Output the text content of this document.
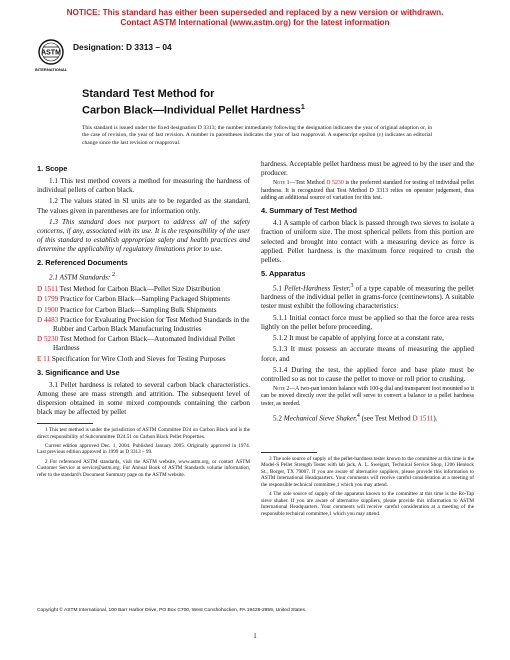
NOTICE: This standard has either been superseded and replaced by a new version or withdrawn.
Contact ASTM International (www.astm.org) for the latest information
ASTM
INTERNATIONAL
Designation: D 3313 – 04
Standard Test Method for
Carbon Black—Individual Pellet Hardness$^1$
This standard is issued under the fixed designation D 3313; the number immediately following the designation indicates the year of original adoption or, in the case of revision, the year of last revision. A number in parentheses indicates the year of last reapproval. A superscript epsilon (ε) indicates an editorial change since the last revision or reapproval.
1. Scope

1.1 This test method covers a method for measuring the hardness of individual pellets of carbon black.

1.2 The values stated in SI units are to be regarded as the standard. The values given in parentheses are for information only.

1.3 This standard does not purport to address all of the safety concerns, if any, associated with its use. It is the responsibility of the user of this standard to establish appropriate safety and health practices and determine the applicability of regulatory limitations prior to use.

2. Referenced Documents

2.1 ASTM Standards: $^2$

D 1511 Test Method for Carbon Black—Pellet Size Distribution

D 1799 Practice for Carbon Black—Sampling Packaged Shipments

D 1900 Practice for Carbon Black—Sampling Bulk Shipments

D 4483 Practice for Evaluating Precision for Test Method Standards in the Rubber and Carbon Black Manufacturing Industries

D 5230 Test Method for Carbon Black—Automated Individual Pellet Hardness

E 11 Specification for Wire Cloth and Sieves for Testing Purposes

3. Significance and Use

3.1 Pellet hardness is related to several carbon black characteristics. Among these are mass strength and attrition. The subsequent level of dispersion obtained in some mixed compounds containing the carbon black may be affected by pellet

1 This test method is under the jurisdiction of ASTM Committee D24 on Carbon Black and is the direct responsibility of Subcommittee D24.51 on Carbon Black Pellet Properties.

Current edition approved Dec. 1, 2004. Published January 2005. Originally approved in 1974. Last previous edition approved in 1999 as D 3313 – 99.

2 For referenced ASTM standards, visit the ASTM website, www.astm.org, or contact ASTM Customer Service at service@astm.org. For Annual Book of ASTM Standards volume information, refer to the standard's Document Summary page on the ASTM website.

hardness. Acceptable pellet hardness must be agreed to by the user and the producer.

Note 1—Test Method D 5230 is the preferred standard for testing of individual pellet hardness. It is recognized that Test Method D 3313 relies on operator judgement, thus adding an additional source of variation for this test.

4. Summary of Test Method

4.1 A sample of carbon black is passed through two sieves to isolate a fraction of uniform size. The most spherical pellets from this portion are selected and brought into contact with a measuring device as force is applied. Pellet hardness is the maximum force required to crush the pellets.

5. Apparatus

5.1 Pellet-Hardness Tester,$^3$ of a type capable of measuring the pellet hardness of the individual pellet in grams-force (centinewtons). A suitable tester must exhibit the following characteristics:

5.1.1 Initial contact force must be applied so that the force area rests lightly on the pellet before proceeding,

5.1.2 It must be capable of applying force at a constant rate,

5.1.3 It must possess an accurate means of measuring the applied force, and

5.1.4 During the test, the applied force and base plate must be controlled so as not to cause the pellet to move or roll prior to crushing.

Note 2—A two-pan torsion balance with 100-g dial and transparent foot mounted so it can be moved directly over the pellet will serve to convert a balance to a pellet hardness tester, as needed.

5.2 Mechanical Sieve Shaker,$^4$ (see Test Method D 1511).

3 The sole source of supply of the pellet-hardness tester known to the committee at this time is the Model-S Pellet Strength Tester with lab jack, A. L. Sweigart, Technical Service Shop, 1206 Henlock St., Borger, TX 79007. If you are aware of alternative suppliers, please provide this information to ASTM International Headquarters. Your comments will receive careful consideration at a meeting of the responsible technical committee,1 which you may attend.

4 The sole source of supply of the apparatus known to the committee at this time is the Ro-Tap sieve shaker. If you are aware of alternative suppliers, please provide this information to ASTM International Headquarters. Your comments will receive careful consideration at a meeting of the responsible technical committee,1 which you may attend.

Copyright © ASTM International, 100 Barr Harbor Drive, PO Box C700, West Conshohocken, PA 19428-2959, United States.
1
